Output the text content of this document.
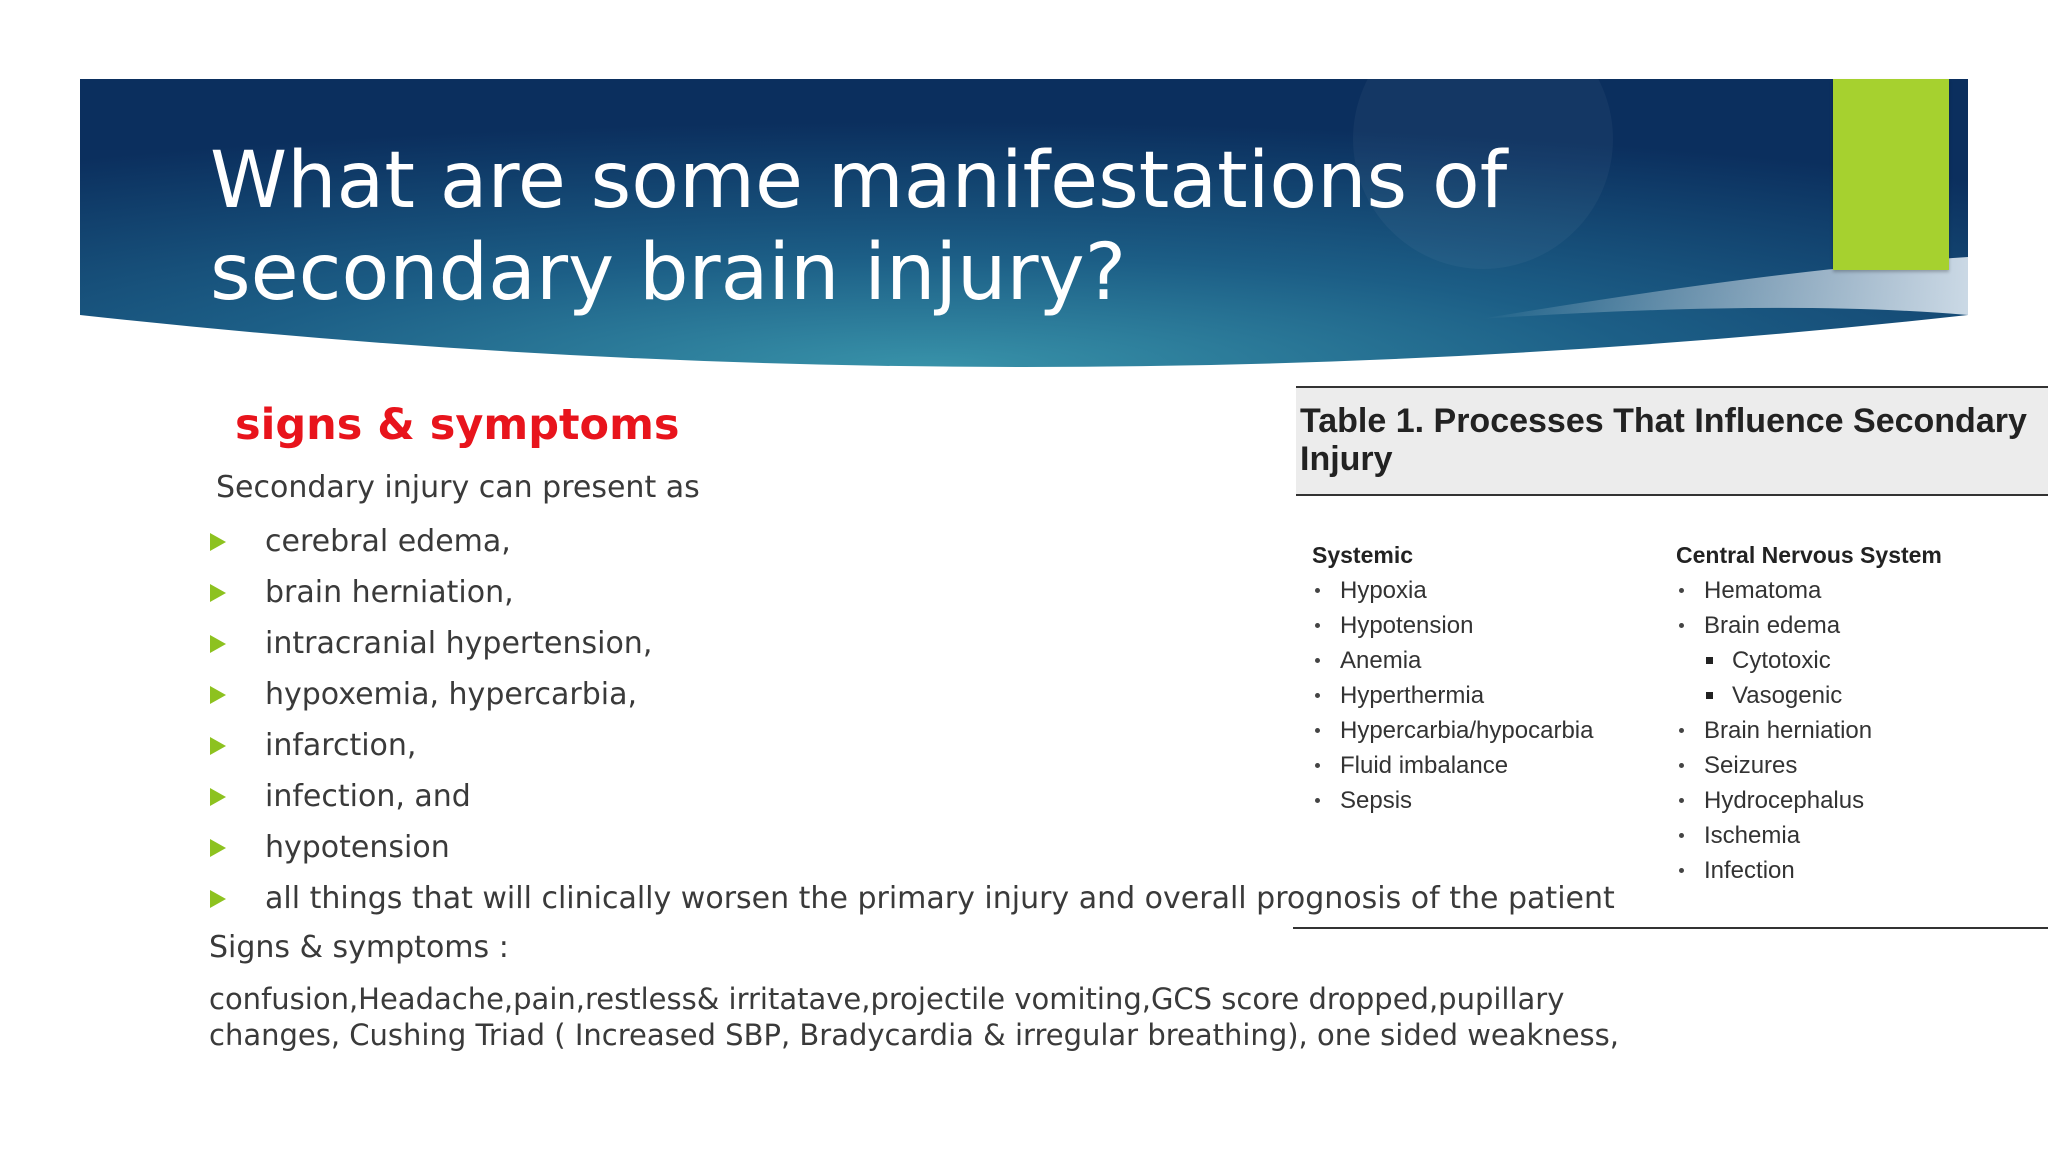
What are some manifestations of secondary brain injury?
signs & symptoms

Secondary injury can present as

cerebral edema,
brain herniation,
intracranial hypertension,
hypoxemia, hypercarbia,
infarction,
infection, and
hypotension
all things that will clinically worsen the primary injury and overall prognosis of the patient

Signs & symptoms :

confusion,Headache,pain,restless& irritatave,projectile vomiting,GCS score dropped,pupillary changes, Cushing Triad ( Increased SBP, Bradycardia & irregular breathing), one sided weakness,

Table 1. Processes That Influence Secondary Injury

Systemic

Hypoxia
Hypotension
Anemia
Hyperthermia
Hypercarbia/hypocarbia
Fluid imbalance
Sepsis

Central Nervous System

Hematoma
Brain edema
Cytotoxic
Vasogenic
Brain herniation
Seizures
Hydrocephalus
Ischemia
Infection
